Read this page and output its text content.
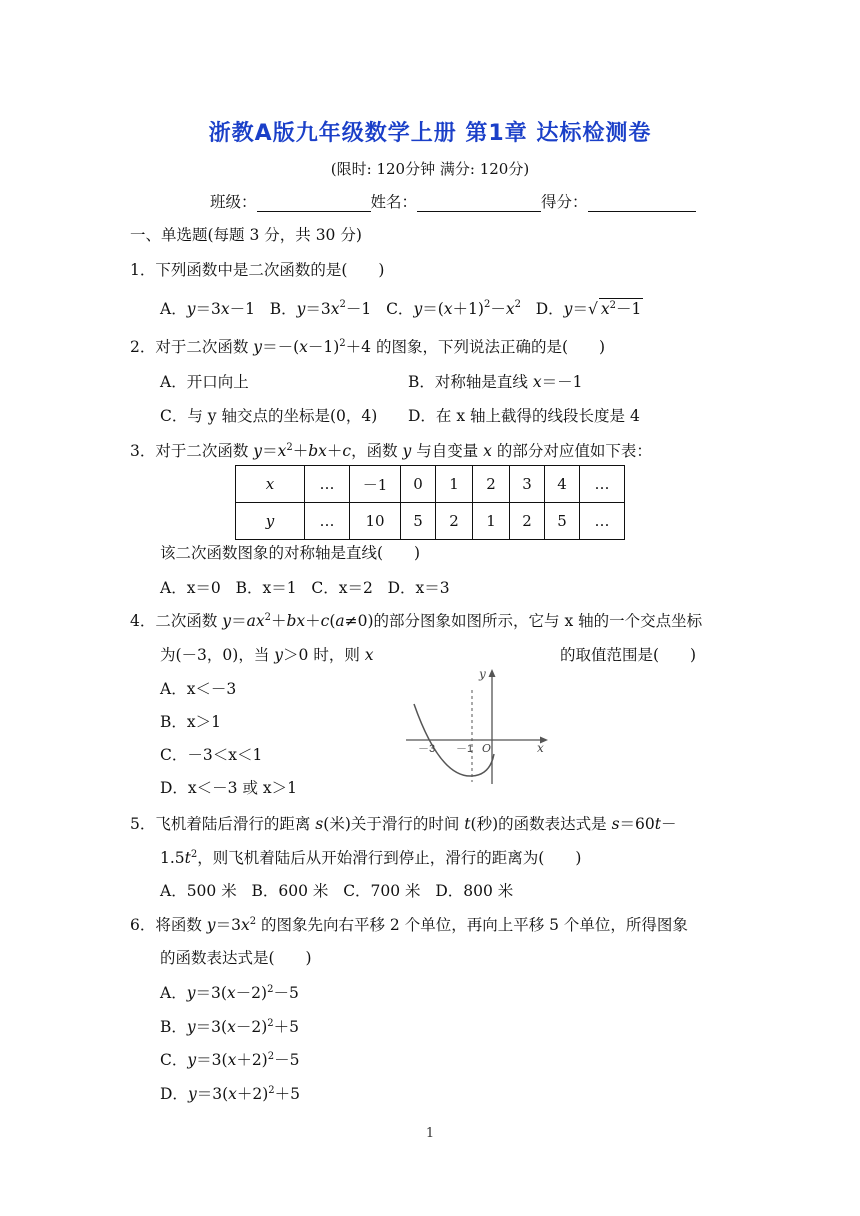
浙教A版九年级数学上册 第1章 达标检测卷
(限时: 120分钟 满分: 120分)
班级：	姓名：	得分：
一、单选题(每题 3 分，共 30 分)
1．下列函数中是二次函数的是(　　)
A．y＝3x－1 B．$y=3x^2-1$ C．$y=(x+1)^2-x^2$ D．y＝√ $x^2-1$
2．对于二次函数 $y=-(x-1)^2+4$ 的图象，下列说法正确的是(　　)
A．开口向上	B．对称轴是直线 x＝－1
C．与 y 轴交点的坐标是(0，4) D．在 x 轴上截得的线段长度是 4
3．对于二次函数 $y=x^2+bx+c$，函数 y 与自变量 x 的部分对应值如下表：
x	…	－1	0	1	2	3	4	…
y	…	10	5	2	1	2	5	…
该二次函数图象的对称轴是直线(　　)
A．x＝0 B．x＝1 C．x＝2 D．x＝3
4．二次函数 $y=ax^2+bx+c(a\ne 0)$的部分图象如图所示，它与 x 轴的一个交点坐标
为(－3，0)，当 y＞0 时，则 x	的取值范围是(　　)
A．x＜－3
B．x＞1
C．－3＜x＜1
D．x＜－3 或 x＞1
x
y
－3 －1 O
5．飞机着陆后滑行的距离 s(米)关于滑行的时间 t(秒)的函数表达式是 s＝60t－
$1.5t^2$，则飞机着陆后从开始滑行到停止，滑行的距离为(　　)
A．500 米 B．600 米 C．700 米 D．800 米
6．将函数 $y=3x^2$ 的图象先向右平移 2 个单位，再向上平移 5 个单位，所得图象
的函数表达式是(　　)
A．$y=3(x-2)^2-5$
B．$y=3(x-2)^2+5$
C．$y=3(x+2)^2-5$
D．$y=3(x+2)^2+5$
1
